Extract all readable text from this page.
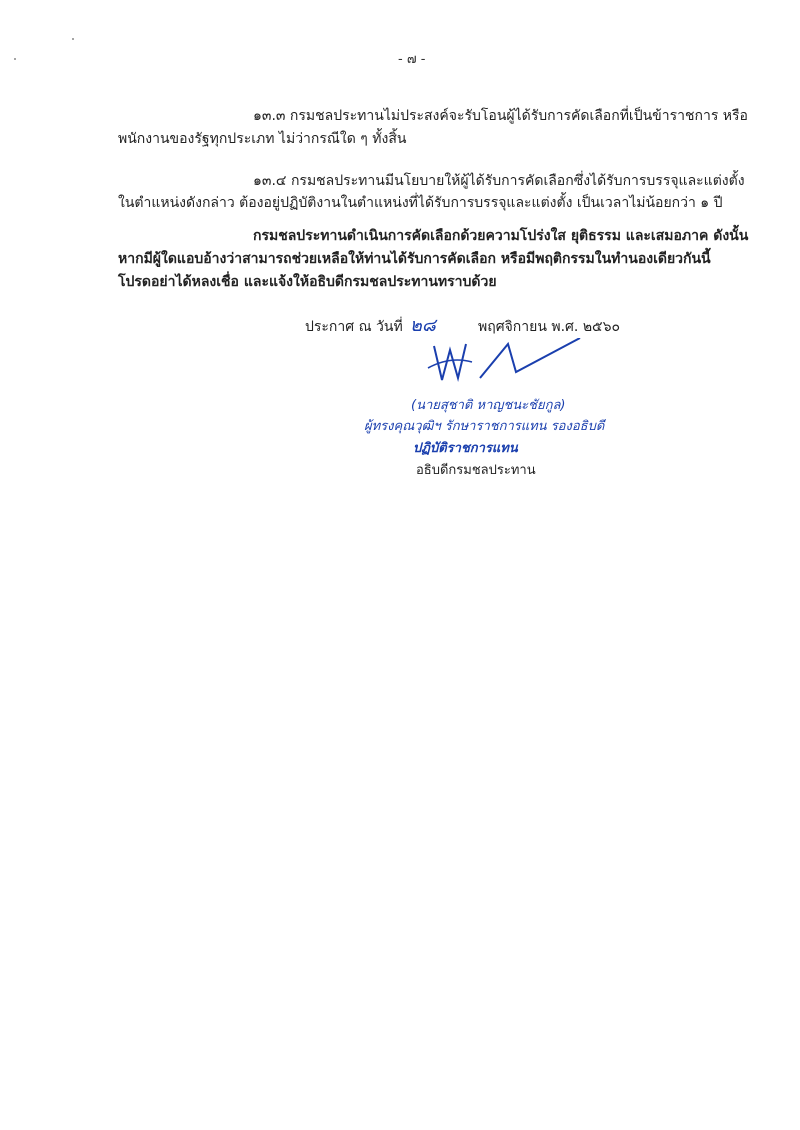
- ๗ -
๑๓.๓ กรมชลประทานไม่ประสงค์จะรับโอนผู้ได้รับการคัดเลือกที่เป็นข้าราชการ หรือ
พนักงานของรัฐทุกประเภท ไม่ว่ากรณีใด ๆ ทั้งสิ้น
๑๓.๔ กรมชลประทานมีนโยบายให้ผู้ได้รับการคัดเลือกซึ่งได้รับการบรรจุและแต่งตั้ง
ในตำแหน่งดังกล่าว ต้องอยู่ปฏิบัติงานในตำแหน่งที่ได้รับการบรรจุและแต่งตั้ง เป็นเวลาไม่น้อยกว่า ๑ ปี
กรมชลประทานดำเนินการคัดเลือกด้วยความโปร่งใส ยุติธรรม และเสมอภาค ดังนั้น
หากมีผู้ใดแอบอ้างว่าสามารถช่วยเหลือให้ท่านได้รับการคัดเลือก หรือมีพฤติกรรมในทำนองเดียวกันนี้
โปรดอย่าได้หลงเชื่อ และแจ้งให้อธิบดีกรมชลประทานทราบด้วย
ประกาศ ณ วันที่ ๒๘	พฤศจิกายน พ.ศ. ๒๕๖๐
(นายสุชาติ หาญชนะชัยกูล)
ผู้ทรงคุณวุฒิฯ รักษาราชการแทน รองอธิบดี
ปฏิบัติราชการแทน
อธิบดีกรมชลประทาน
